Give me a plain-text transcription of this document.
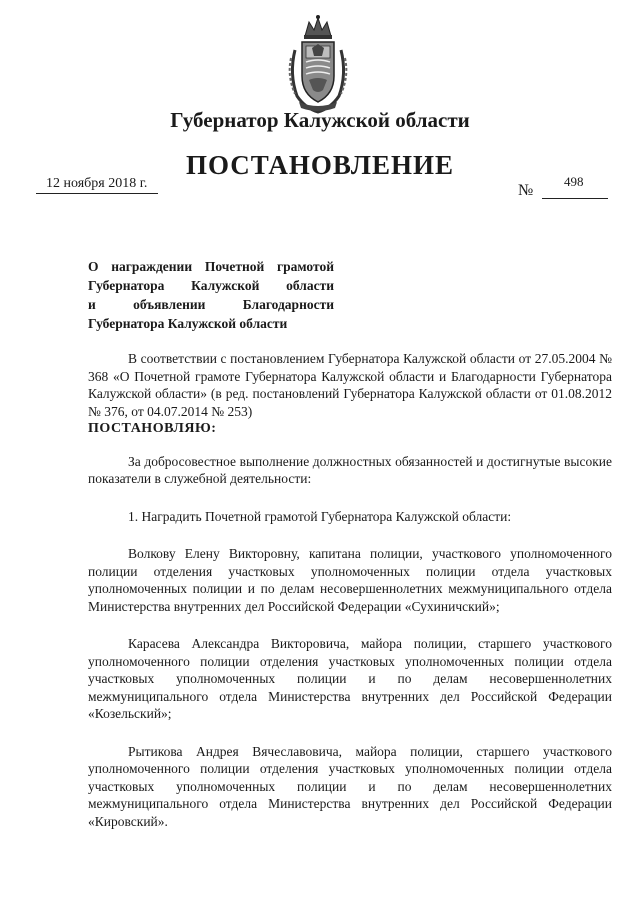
Губернатор Калужской области

ПОСТАНОВЛЕНИЕ

12 ноября 2018 г.	№
498

О награждении Почетной грамотой

Губернатора Калужской области

и объявлении Благодарности

Губернатора Калужской области

В соответствии с постановлением Губернатора Калужской области от 27.05.2004 № 368 «О Почетной грамоте Губернатора Калужской области и Благодарности Губернатора Калужской области» (в ред. постановлений Губернатора Калужской области от 01.08.2012 № 376, от 04.07.2014 № 253)

ПОСТАНОВЛЯЮ:

За добросовестное выполнение должностных обязанностей и достигнутые высокие показатели в служебной деятельности:

1. Наградить Почетной грамотой Губернатора Калужской области:

Волкову Елену Викторовну, капитана полиции, участкового уполномоченного полиции отделения участковых уполномоченных полиции отдела участковых уполномоченных полиции и по делам несовершеннолетних межмуниципального отдела Министерства внутренних дел Российской Федерации «Сухиничский»;

Карасева Александра Викторовича, майора полиции, старшего участкового уполномоченного полиции отделения участковых уполномоченных полиции отдела участковых уполномоченных полиции и по делам несовершеннолетних межмуниципального отдела Министерства внутренних дел Российской Федерации «Козельский»;

Рытикова Андрея Вячеславовича, майора полиции, старшего участкового уполномоченного полиции отделения участковых уполномоченных полиции отдела участковых уполномоченных полиции и по делам несовершеннолетних межмуниципального отдела Министерства внутренних дел Российской Федерации «Кировский».
